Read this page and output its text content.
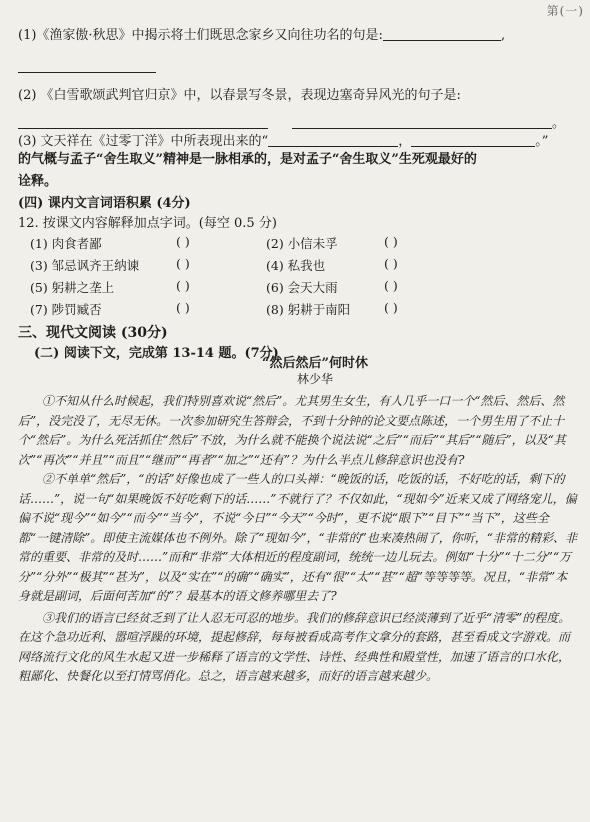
第(一)
(1)《渔家傲·秋思》中揭示将士们既思念家乡又向往功名的句是:	,
(2) 《白雪歌颂武判官归京》中，以春景写冬景，表现边塞奇异风光的句子是:
。
(3) 文天祥在《过零丁洋》中所表现出来的“	，	。”
的气概与孟子“舍生取义”精神是一脉相承的，是对孟子“舍生取义”生死观最好的
诠释。
(四) 课内文言词语积累 (4分)
12. 按课文内容解释加点字词。(每空 0.5 分)
(1) 肉食者鄙	( )	(2) 小信未孚	( )
(3) 邹忌讽齐王纳谏	( )	(4) 私我也	( )
(5) 躬耕之垄上	( )	(6) 会天大雨	( )
(7) 陟罚臧否	( )	(8) 躬耕于南阳	( )
三、现代文阅读 (30分)
(二) 阅读下文，完成第 13-14 题。(7分)
“然后然后”何时休
林少华

①不知从什么时候起，我们特别喜欢说“然后”。尤其男生女生，有人几乎一口一个“然后、然后、然后”，没完没了，无尽无休。一次参加研究生答辩会，不到十分钟的论文要点陈述，一个男生用了不止十个“然后”。为什么死活抓住“然后”不放，为什么就不能换个说法说“之后”“而后”“其后”“随后”，以及“其次”“再次”“并且”“而且”“继而”“再者”“加之”“还有”？为什么半点儿修辞意识也没有?

②不单单“然后”，“的话”好像也成了一些人的口头禅：“晚饭的话，吃饭的话，不好吃的话，剩下的话……”，说一句“如果晚饭不好吃剩下的话……”不就行了？不仅如此，“现如今”近来又成了网络宠儿，偏偏不说“现今”“如今”“而今”“当今”，不说“今日”“今天”“今时”，更不说“眼下”“目下”“当下”，这些全都“一键清除”。即使主流媒体也不例外。除了“现如今”，“非常的”也来凑热闹了，你听，“非常的精彩、非常的重要、非常的及时……”而和“非常”大体相近的程度副词，统统一边儿玩去。例如“十分”“十二分”“万分”“分外”“极其”“甚为”，以及“实在”“的确”“确实”，还有“很”“太”“甚”“超”等等等等。况且，“非常”本身就是副词，后面何苦加“的”？最基本的语文修养哪里去了?

③我们的语言已经贫乏到了让人忍无可忍的地步。我们的修辞意识已经淡薄到了近乎“清零”的程度。在这个急功近利、嚣喧浮躁的环境，提起修辞，每每被看成高考作文拿分的套路，甚至看成文字游戏。而网络流行文化的风生水起又进一步稀释了语言的文学性、诗性、经典性和殿堂性，加速了语言的口水化，粗鄙化、快餐化以至打情骂俏化。总之，语言越来越多，而好的语言越来越少。
